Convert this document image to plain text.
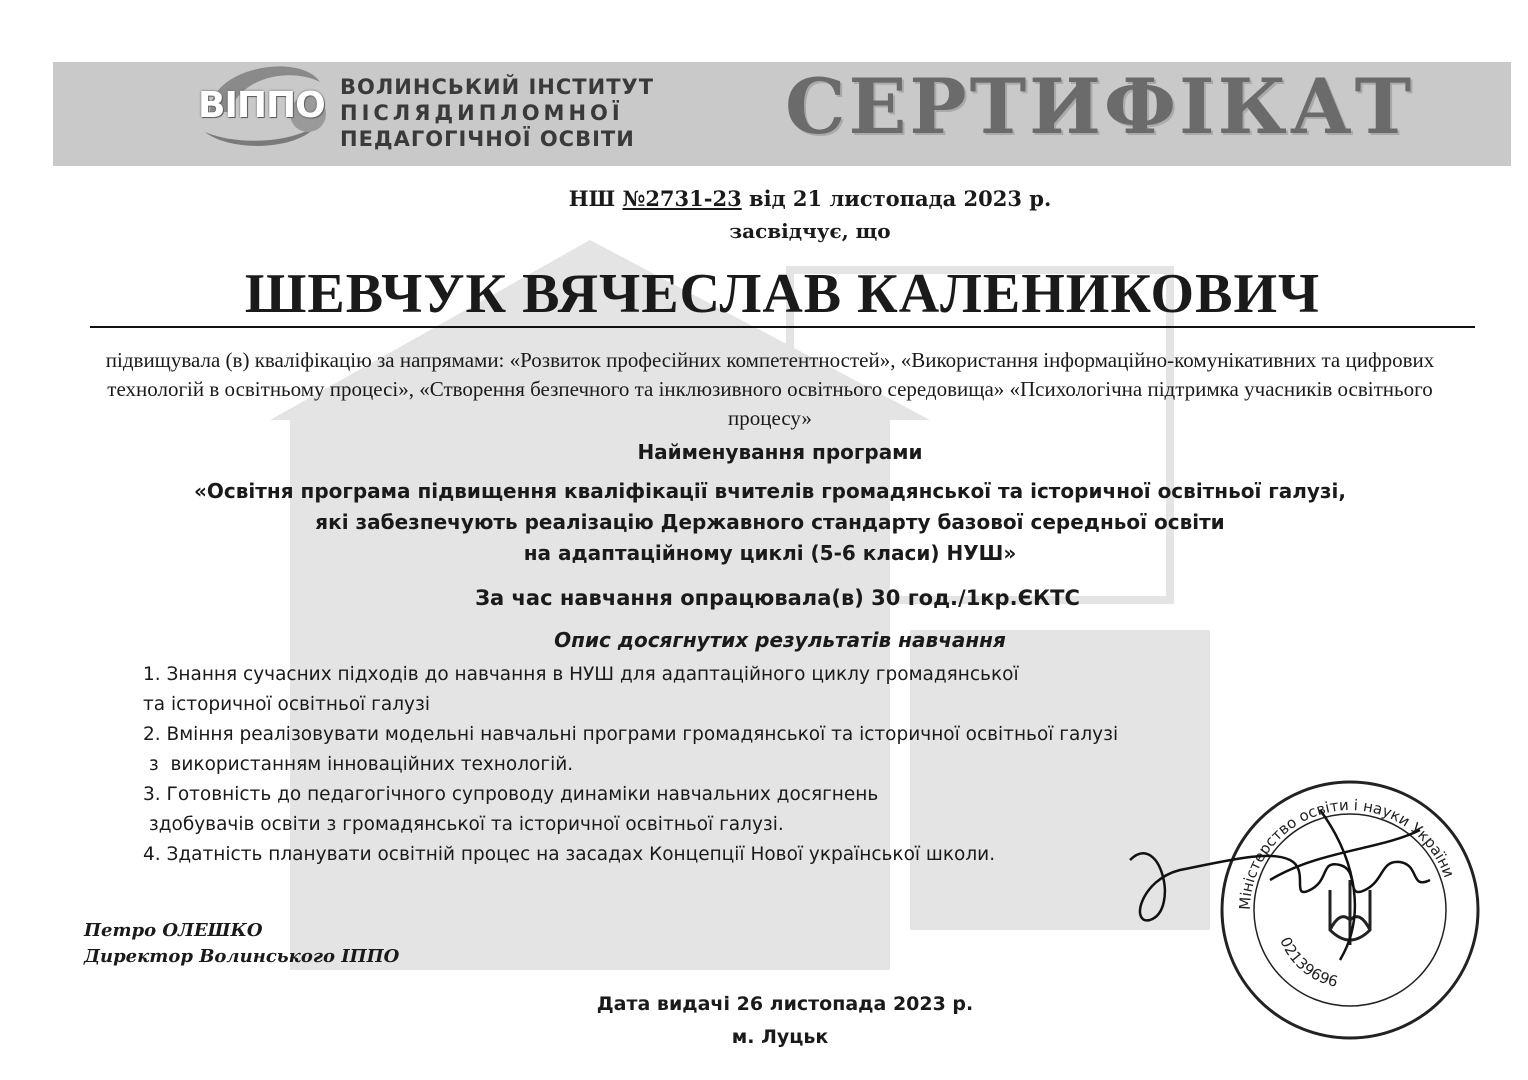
ВІППО ВОЛИНСЬКИЙ ІНСТИТУТ
ПІСЛЯДИПЛОМНОЇ
ПЕДАГОГІЧНОЇ ОСВІТИ СЕРТИФІКАТ
НШ №2731-23 від 21 листопада 2023 р.
засвідчує, що
ШЕВЧУК ВЯЧЕСЛАВ КАЛЕНИКОВИЧ
підвищувала (в) кваліфікацію за напрямами: «Розвиток професійних компетентностей», «Використання інформаційно-комунікативних та цифрових технологій в освітньому процесі», «Створення безпечного та інклюзивного освітнього середовища» «Психологічна підтримка учасників освітнього процесу»
Найменування програми
«Освітня програма підвищення кваліфікації вчителів громадянської та історичної освітньої галузі,
які забезпечують реалізацію Державного стандарту базової середньої освіти
на адаптаційному циклі (5-6 класи) НУШ»
За час навчання опрацювала(в) 30 год./1кр.ЄКТС
Опис досягнутих результатів навчання
1. Знання сучасних підходів до навчання в НУШ для адаптаційного циклу громадянської
та історичної освітньої галузі
2. Вміння реалізовувати модельні навчальні програми громадянської та історичної освітньої галузі
з  використанням інноваційних технологій.
3. Готовність до педагогічного супроводу динаміки навчальних досягнень
здобувачів освіти з громадянської та історичної освітньої галузі.
4. Здатність планувати освітній процес на засадах Концепції Нової української школи.
Петро ОЛЕШКО
Директор Волинського ІППО
Міністерство освіти і науки України
02139696
Дата видачі 26 листопада 2023 р.
м. Луцьк
